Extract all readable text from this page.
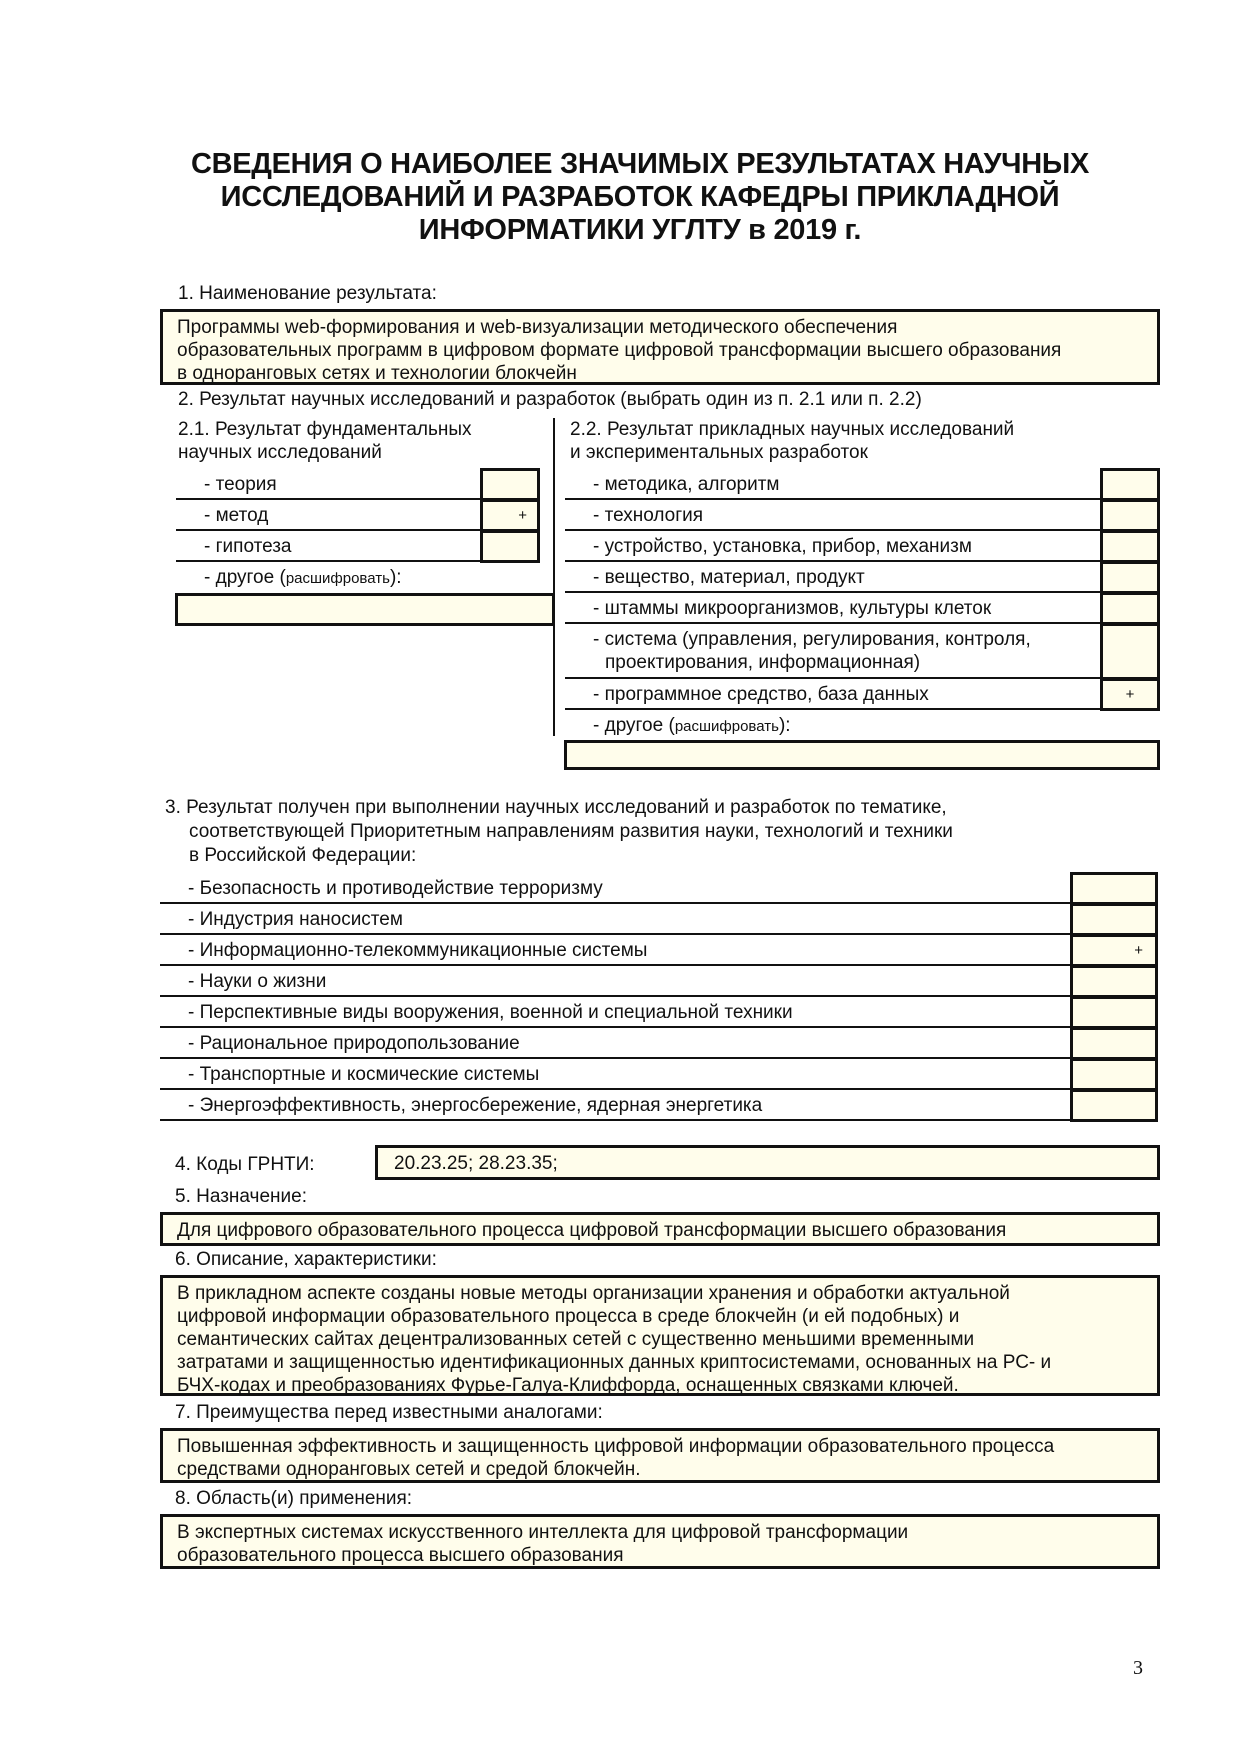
СВЕДЕНИЯ О НАИБОЛЕЕ ЗНАЧИМЫХ РЕЗУЛЬТАТАХ НАУЧНЫХ
ИССЛЕДОВАНИЙ И РАЗРАБОТОК КАФЕДРЫ ПРИКЛАДНОЙ
ИНФОРМАТИКИ УГЛТУ в 2019 г.
1. Наименование результата:
Программы web-формирования и web-визуализации методического обеспечения
образовательных программ в цифровом формате цифровой трансформации высшего образования
в одноранговых сетях и технологии блокчейн
2. Результат научных исследований и разработок (выбрать один из п. 2.1 или п. 2.2)
2.1. Результат фундаментальных
научных исследований
- теория
- метод
- гипотеза
+
- другое (расшифровать):
2.2. Результат прикладных научных исследований
и экспериментальных разработок
- методика, алгоритм
- технология
- устройство, установка, прибор, механизм
- вещество, материал, продукт
- штаммы микроорганизмов, культуры клеток
- система (управления, регулирования, контроля,
проектирования, информационная)
- программное средство, база данных	+
- другое (расшифровать):
3. Результат получен при выполнении научных исследований и разработок по тематике,
соответствующей Приоритетным направлениям развития науки, технологий и техники
в Российской Федерации:
- Безопасность и противодействие терроризму
- Индустрия наносистем
- Информационно-телекоммуникационные системы
- Науки о жизни
- Перспективные виды вооружения, военной и специальной техники
- Рациональное природопользование
- Транспортные и космические системы
- Энергоэффективность, энергосбережение, ядерная энергетика
+
4. Коды ГРНТИ:	20.23.25; 28.23.35;
5. Назначение:
Для цифрового образовательного процесса цифровой трансформации высшего образования
6. Описание, характеристики:
В прикладном аспекте созданы новые методы организации хранения и обработки актуальной
цифровой информации образовательного процесса в среде блокчейн (и ей подобных) и
семантических сайтах децентрализованных сетей с существенно меньшими временными
затратами и защищенностью идентификационных данных криптосистемами, основанных на РС- и
БЧХ-кодах и преобразованиях Фурье-Галуа-Клиффорда, оснащенных связками ключей.
7. Преимущества перед известными аналогами:
Повышенная эффективность и защищенность цифровой информации образовательного процесса
средствами одноранговых сетей и средой блокчейн.
8. Область(и) применения:
В экспертных системах искусственного интеллекта для цифровой трансформации
образовательного процесса высшего образования
3
